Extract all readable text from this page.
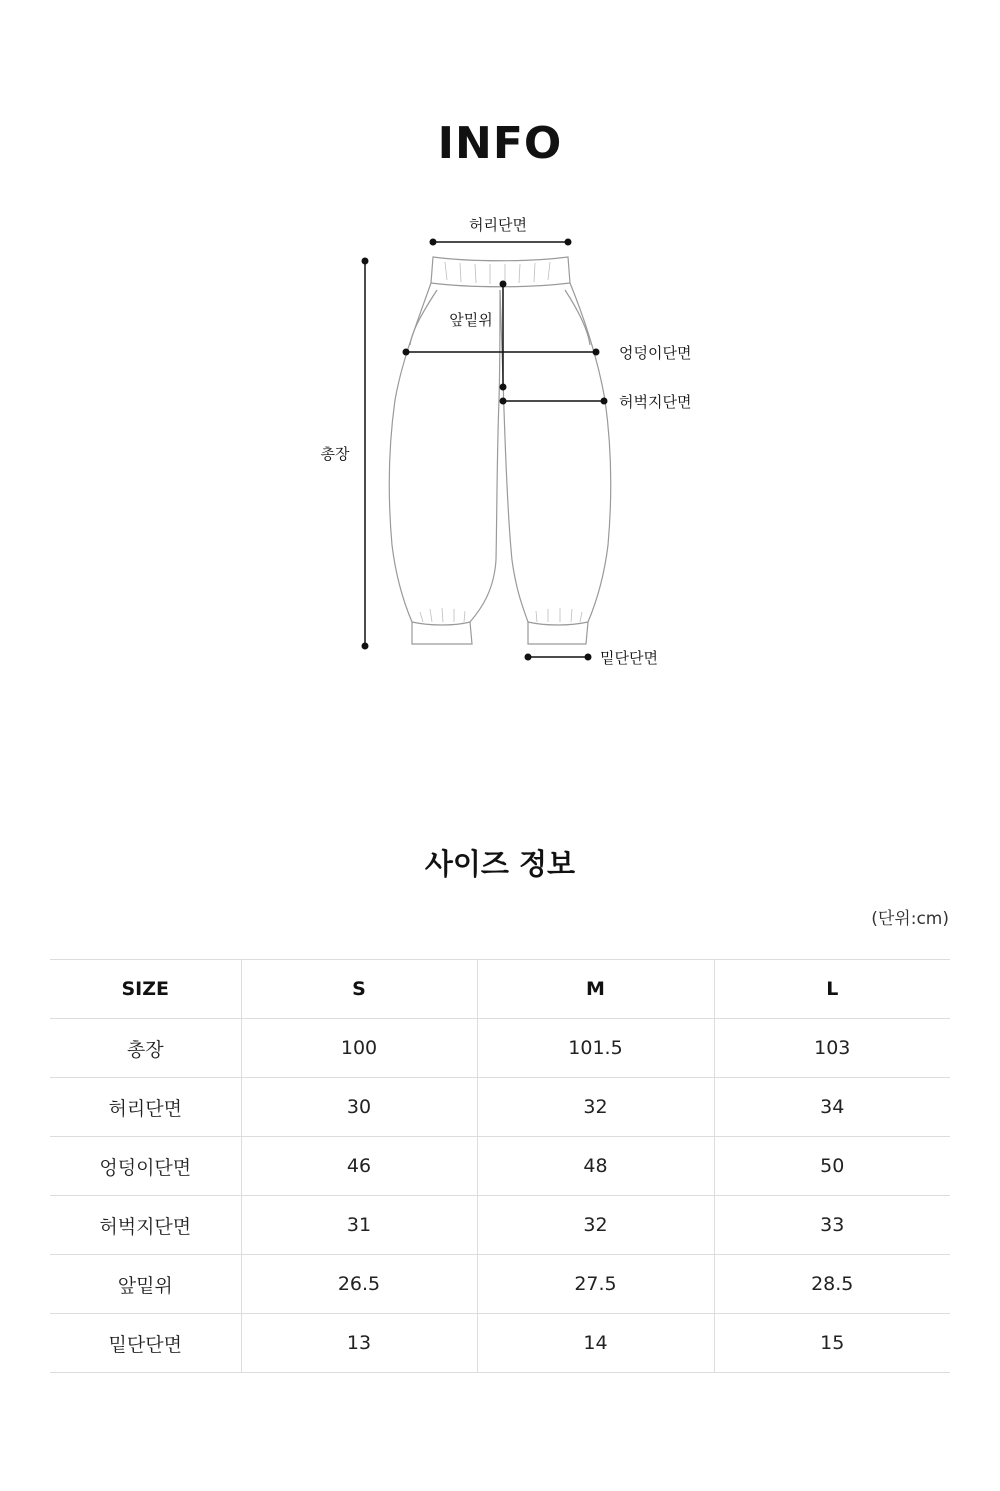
INFO
허리단면
앞밑위
엉덩이단면
허벅지단면
총장
밑단단면
사이즈 정보
(단위:cm)
SIZE	S	M	L
총장	100	101.5	103
허리단면	30	32	34
엉덩이단면	46	48	50
허벅지단면	31	32	33
앞밑위	26.5	27.5	28.5
밑단단면	13	14	15
